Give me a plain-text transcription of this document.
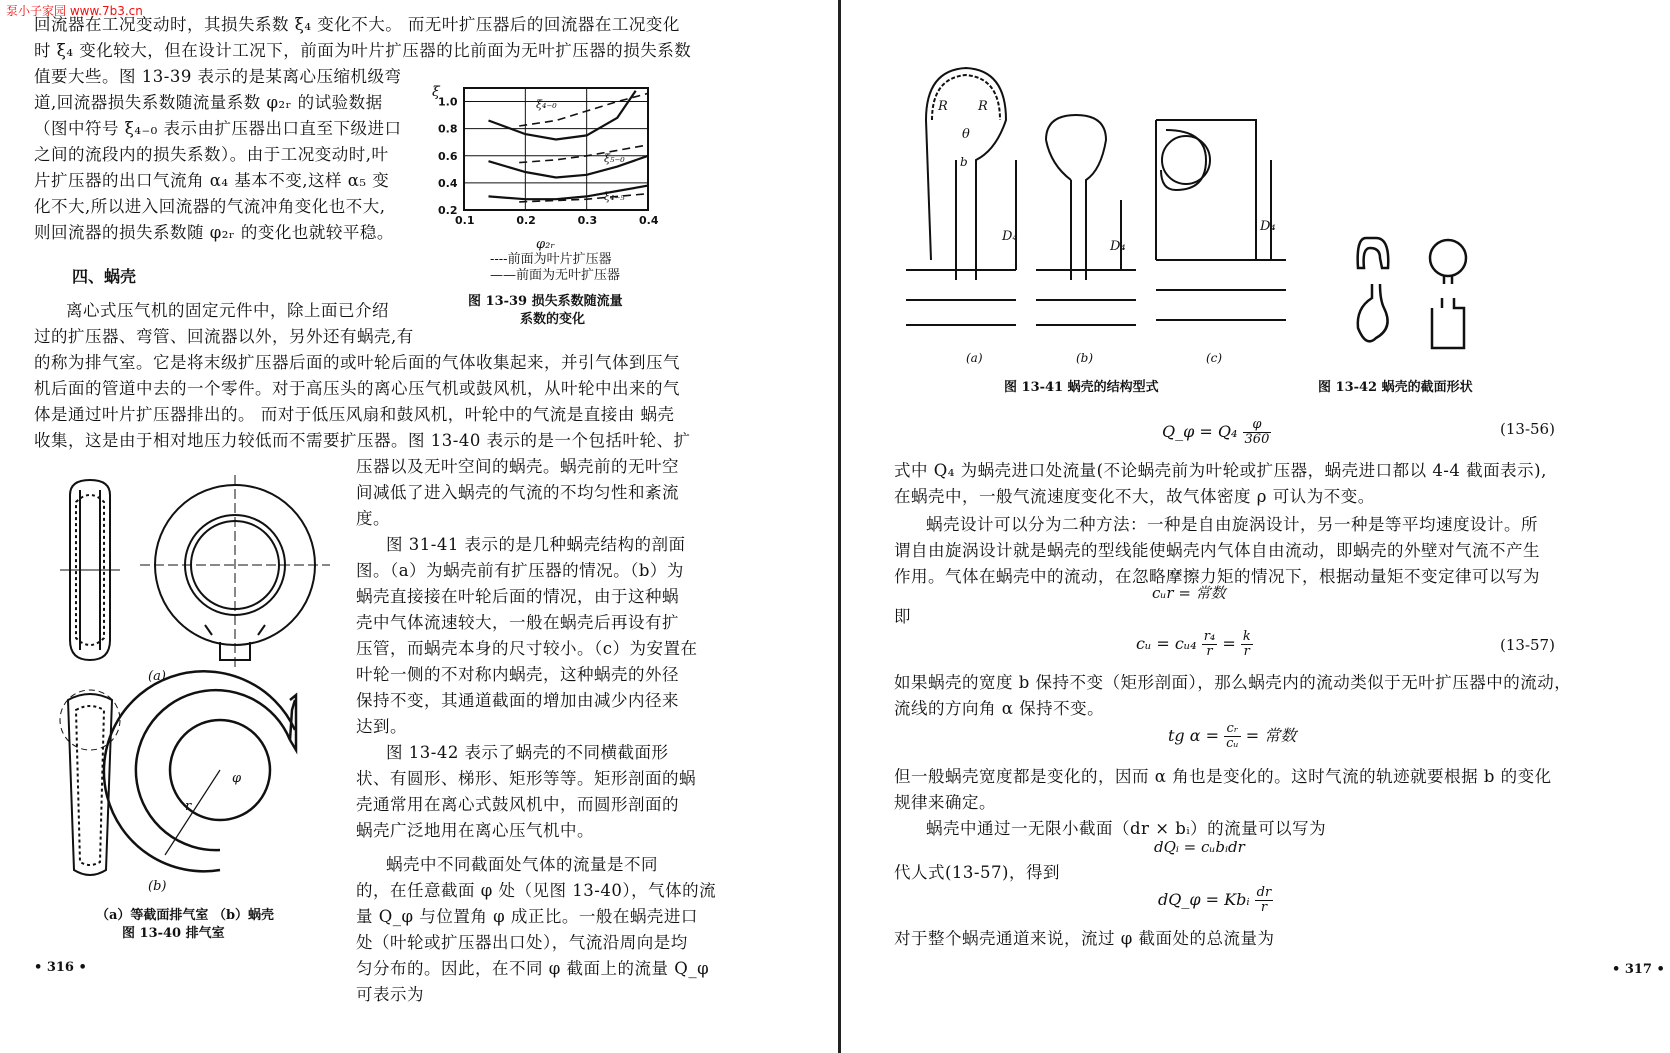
泵小子家园 www.7b3.cn
回流器在工况变动时，其损失系数 ξ₄ 变化不大。 而无叶扩压器后的回流器在工况变化
时 ξ₄ 变化较大，但在设计工况下，前面为叶片扩压器的比前面为无叶扩压器的损失系数
值要大些。图 13-39 表示的是某离心压缩机级弯
道,回流器损失系数随流量系数 φ₂ᵣ 的试验数据
（图中符号 ξ₄₋₀ 表示由扩压器出口直至下级进口
之间的流段内的损失系数）。由于工况变动时,叶
片扩压器的出口气流角 α₄ 基本不变,这样 α₅ 变
化不大,所以进入回流器的气流冲角变化也不大,
则回流器的损失系数随 φ₂ᵣ 的变化也就较平稳。
四、蜗壳
离心式压气机的固定元件中，除上面已介绍
过的扩压器、弯管、回流器以外，另外还有蜗壳,有
的称为排气室。它是将末级扩压器后面的或叶轮后面的气体收集起来，并引气体到压气
机后面的管道中去的一个零件。对于高压头的离心压气机或鼓风机，从叶轮中出来的气
体是通过叶片扩压器排出的。 而对于低压风扇和鼓风机，叶轮中的气流是直接由 蜗壳
收集，这是由于相对地压力较低而不需要扩压器。图 13-40 表示的是一个包括叶轮、扩
压器以及无叶空间的蜗壳。蜗壳前的无叶空
间减低了进入蜗壳的气流的不均匀性和紊流
度。
图 31-41 表示的是几种蜗壳结构的剖面
图。（a）为蜗壳前有扩压器的情况。（b）为
蜗壳直接接在叶轮后面的情况，由于这种蜗
壳中气体流速较大，一般在蜗壳后再设有扩
压管，而蜗壳本身的尺寸较小。（c）为安置在
叶轮一侧的不对称内蜗壳，这种蜗壳的外径
保持不变，其通道截面的增加由减少内径来
达到。
图 13-42 表示了蜗壳的不同横截面形
状、有圆形、梯形、矩形等等。矩形剖面的蜗
壳通常用在离心式鼓风机中，而圆形剖面的
蜗壳广泛地用在离心压气机中。
蜗壳中不同截面处气体的流量是不同
的，在任意截面 φ 处（见图 13-40），气体的流
量 Q_φ 与位置角 φ 成正比。一般在蜗壳进口
处（叶轮或扩压器出口处），气流沿周向是均
匀分布的。因此，在不同 φ 截面上的流量 Q_φ
可表示为
0.1	0.2	0.3	0.4
0.2
0.4
0.6
0.8
1.0
ξ
φ₂ᵣ
ξ₄₋₀
ξ₅₋₀
ξ₄₋₅
----前面为叶片扩压器
——前面为无叶扩压器
图 13-39 损失系数随流量
系数的变化
(a)
r
φ
(b)
（a）等截面排气室 （b）蜗壳
图 13-40 排气室
• 316 •
R R
θ
b
D₄
D₄
D₄
(a)	(b)	(c)
图 13-41 蜗壳的结构型式	图 13-42 蜗壳的截面形状
Q_φ = $Q_4 \frac{\varphi}{360}$	(13-56)
式中 Q₄ 为蜗壳进口处流量(不论蜗壳前为叶轮或扩压器，蜗壳进口都以 4-4 截面表示),
在蜗壳中，一般气流速度变化不大，故气体密度 ρ 可认为不变。
蜗壳设计可以分为二种方法：一种是自由旋涡设计，另一种是等平均速度设计。所
谓自由旋涡设计就是蜗壳的型线能使蜗壳内气体自由流动，即蜗壳的外壁对气流不产生
作用。气体在蜗壳中的流动，在忽略摩擦力矩的情况下，根据动量矩不变定律可以写为
cᵤr = 常数
即
cᵤ = cᵤ₄ $\frac{\text{r₄}}{r} = \frac{k}{r}$	(13-57)
如果蜗壳的宽度 b 保持不变（矩形剖面），那么蜗壳内的流动类似于无叶扩压器中的流动，
流线的方向角 α 保持不变。
tg $\alpha = \frac{\text{cᵣ}}{\text{cᵤ}}$ = 常数
但一般蜗壳宽度都是变化的，因而 α 角也是变化的。这时气流的轨迹就要根据 b 的变化
规律来确定。
蜗壳中通过一无限小截面（dr × bᵢ）的流量可以写为
dQᵢ = cᵤbᵢdr
代人式(13-57)，得到
dQ_φ = Kbᵢ $\frac{dr}{r}$
对于整个蜗壳通道来说，流过 φ 截面处的总流量为
• 317 •
